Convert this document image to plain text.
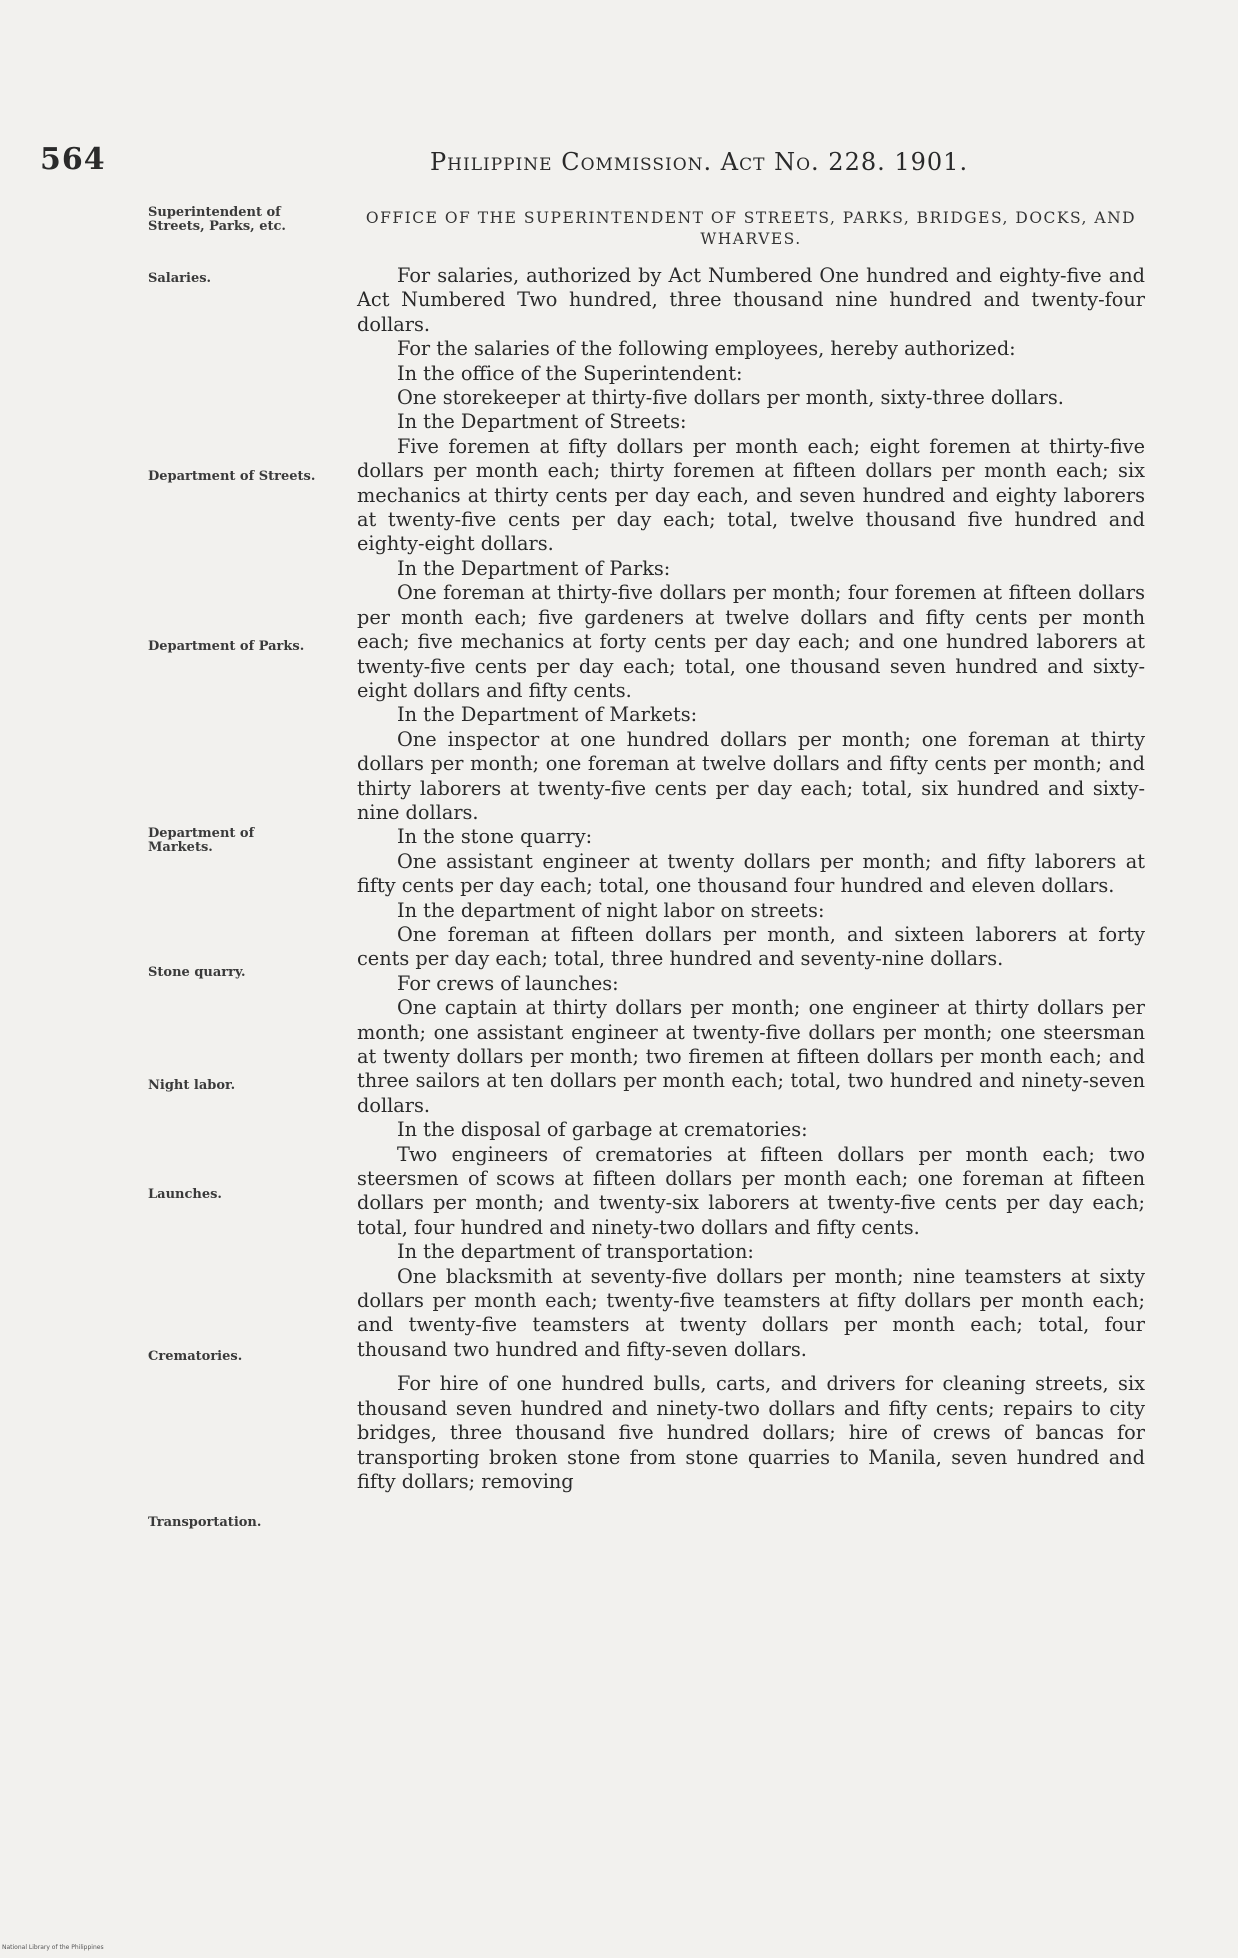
564	Philippine Commission. Act No. 228. 1901.
Superintendent of Streets, Parks, etc.
Salaries.
Department of Streets.
Department of Parks.
Department of Markets.
Stone quarry.
Night labor.
Launches.
Crematories.
Transportation.
OFFICE OF THE SUPERINTENDENT OF STREETS, PARKS, BRIDGES, DOCKS, AND WHARVES.

For salaries, authorized by Act Numbered One hundred and eighty-five and Act Numbered Two hundred, three thousand nine hundred and twenty-four dollars.

For the salaries of the following employees, hereby authorized:

In the office of the Superintendent:

One storekeeper at thirty-five dollars per month, sixty-three dollars.

In the Department of Streets:

Five foremen at fifty dollars per month each; eight foremen at thirty-five dollars per month each; thirty foremen at fifteen dollars per month each; six mechanics at thirty cents per day each, and seven hundred and eighty laborers at twenty-five cents per day each; total, twelve thousand five hundred and eighty-eight dollars.

In the Department of Parks:

One foreman at thirty-five dollars per month; four foremen at fifteen dollars per month each; five gardeners at twelve dollars and fifty cents per month each; five mechanics at forty cents per day each; and one hundred laborers at twenty-five cents per day each; total, one thousand seven hundred and sixty-eight dollars and fifty cents.

In the Department of Markets:

One inspector at one hundred dollars per month; one foreman at thirty dollars per month; one foreman at twelve dollars and fifty cents per month; and thirty laborers at twenty-five cents per day each; total, six hundred and sixty-nine dollars.

In the stone quarry:

One assistant engineer at twenty dollars per month; and fifty laborers at fifty cents per day each; total, one thousand four hundred and eleven dollars.

In the department of night labor on streets:

One foreman at fifteen dollars per month, and sixteen laborers at forty cents per day each; total, three hundred and seventy-nine dollars.

For crews of launches:

One captain at thirty dollars per month; one engineer at thirty dollars per month; one assistant engineer at twenty-five dollars per month; one steersman at twenty dollars per month; two firemen at fifteen dollars per month each; and three sailors at ten dollars per month each; total, two hundred and ninety-seven dollars.

In the disposal of garbage at crematories:

Two engineers of crematories at fifteen dollars per month each; two steersmen of scows at fifteen dollars per month each; one foreman at fifteen dollars per month; and twenty-six laborers at twenty-five cents per day each; total, four hundred and ninety-two dollars and fifty cents.

In the department of transportation:

One blacksmith at seventy-five dollars per month; nine teamsters at sixty dollars per month each; twenty-five teamsters at fifty dollars per month each; and twenty-five teamsters at twenty dollars per month each; total, four thousand two hundred and fifty-seven dollars.

For hire of one hundred bulls, carts, and drivers for cleaning streets, six thousand seven hundred and ninety-two dollars and fifty cents; repairs to city bridges, three thousand five hundred dollars; hire of crews of bancas for transporting broken stone from stone quarries to Manila, seven hundred and fifty dollars; removing

National Library of the Philippines
